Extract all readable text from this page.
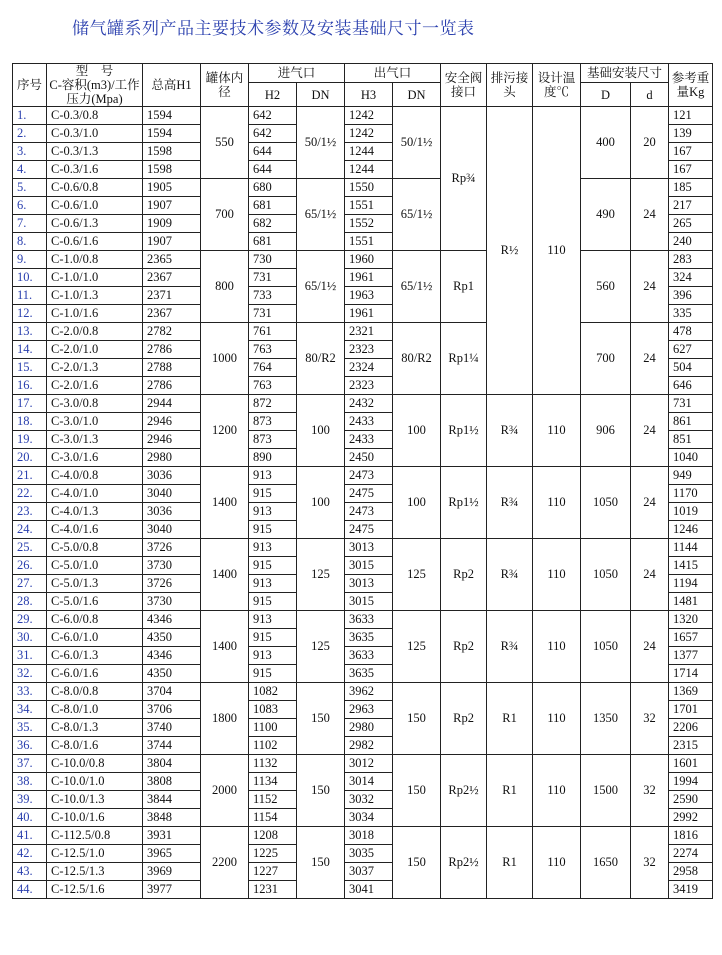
储气罐系列产品主要技术参数及安装基础尺寸一览表
序号	型　号
C-容积(m3)/工作压力(Mpa)	总高H1	罐体内径	进气口		出气口		安全阀接口	排污接头	设计温度℃	基础安装尺寸		参考重量Kg
				H2	DN	H3	DN				D	d	

1.	C-0.3/0.8	1594	550	642	50/1½	1242	50/1½	Rp¾	R½	110	400	20	121
2.	C-0.3/1.0	1594		642		1242							139
3.	C-0.3/1.3	1598		644		1244							167
4.	C-0.3/1.6	1598		644		1244							167
5.	C-0.6/0.8	1905	700	680	65/1½	1550	65/1½				490	24	185
6.	C-0.6/1.0	1907		681		1551							217
7.	C-0.6/1.3	1909		682		1552							265
8.	C-0.6/1.6	1907		681		1551							240
9.	C-1.0/0.8	2365	800	730	65/1½	1960	65/1½	Rp1			560	24	283
10.	C-1.0/1.0	2367		731		1961							324
11.	C-1.0/1.3	2371		733		1963							396
12.	C-1.0/1.6	2367		731		1961							335
13.	C-2.0/0.8	2782	1000	761	80/R2	2321	80/R2	Rp1¼			700	24	478
14.	C-2.0/1.0	2786		763		2323							627
15.	C-2.0/1.3	2788		764		2324							504
16.	C-2.0/1.6	2786		763		2323							646
17.	C-3.0/0.8	2944	1200	872	100	2432	100	Rp1½	R¾	110	906	24	731
18.	C-3.0/1.0	2946		873		2433							861
19.	C-3.0/1.3	2946		873		2433							851
20.	C-3.0/1.6	2980		890		2450							1040
21.	C-4.0/0.8	3036	1400	913	100	2473	100	Rp1½	R¾	110	1050	24	949
22.	C-4.0/1.0	3040		915		2475							1170
23.	C-4.0/1.3	3036		913		2473							1019
24.	C-4.0/1.6	3040		915		2475							1246
25.	C-5.0/0.8	3726	1400	913	125	3013	125	Rp2	R¾	110	1050	24	1144
26.	C-5.0/1.0	3730		915		3015							1415
27.	C-5.0/1.3	3726		913		3013							1194
28.	C-5.0/1.6	3730		915		3015							1481
29.	C-6.0/0.8	4346	1400	913	125	3633	125	Rp2	R¾	110	1050	24	1320
30.	C-6.0/1.0	4350		915		3635							1657
31.	C-6.0/1.3	4346		913		3633							1377
32.	C-6.0/1.6	4350		915		3635							1714
33.	C-8.0/0.8	3704	1800	1082	150	3962	150	Rp2	R1	110	1350	32	1369
34.	C-8.0/1.0	3706		1083		2963							1701
35.	C-8.0/1.3	3740		1100		2980							2206
36.	C-8.0/1.6	3744		1102		2982							2315
37.	C-10.0/0.8	3804	2000	1132	150	3012	150	Rp2½	R1	110	1500	32	1601
38.	C-10.0/1.0	3808		1134		3014							1994
39.	C-10.0/1.3	3844		1152		3032							2590
40.	C-10.0/1.6	3848		1154		3034							2992
41.	C-112.5/0.8	3931	2200	1208	150	3018	150	Rp2½	R1	110	1650	32	1816
42.	C-12.5/1.0	3965		1225		3035							2274
43.	C-12.5/1.3	3969		1227		3037							2958
44.	C-12.5/1.6	3977		1231		3041							3419
